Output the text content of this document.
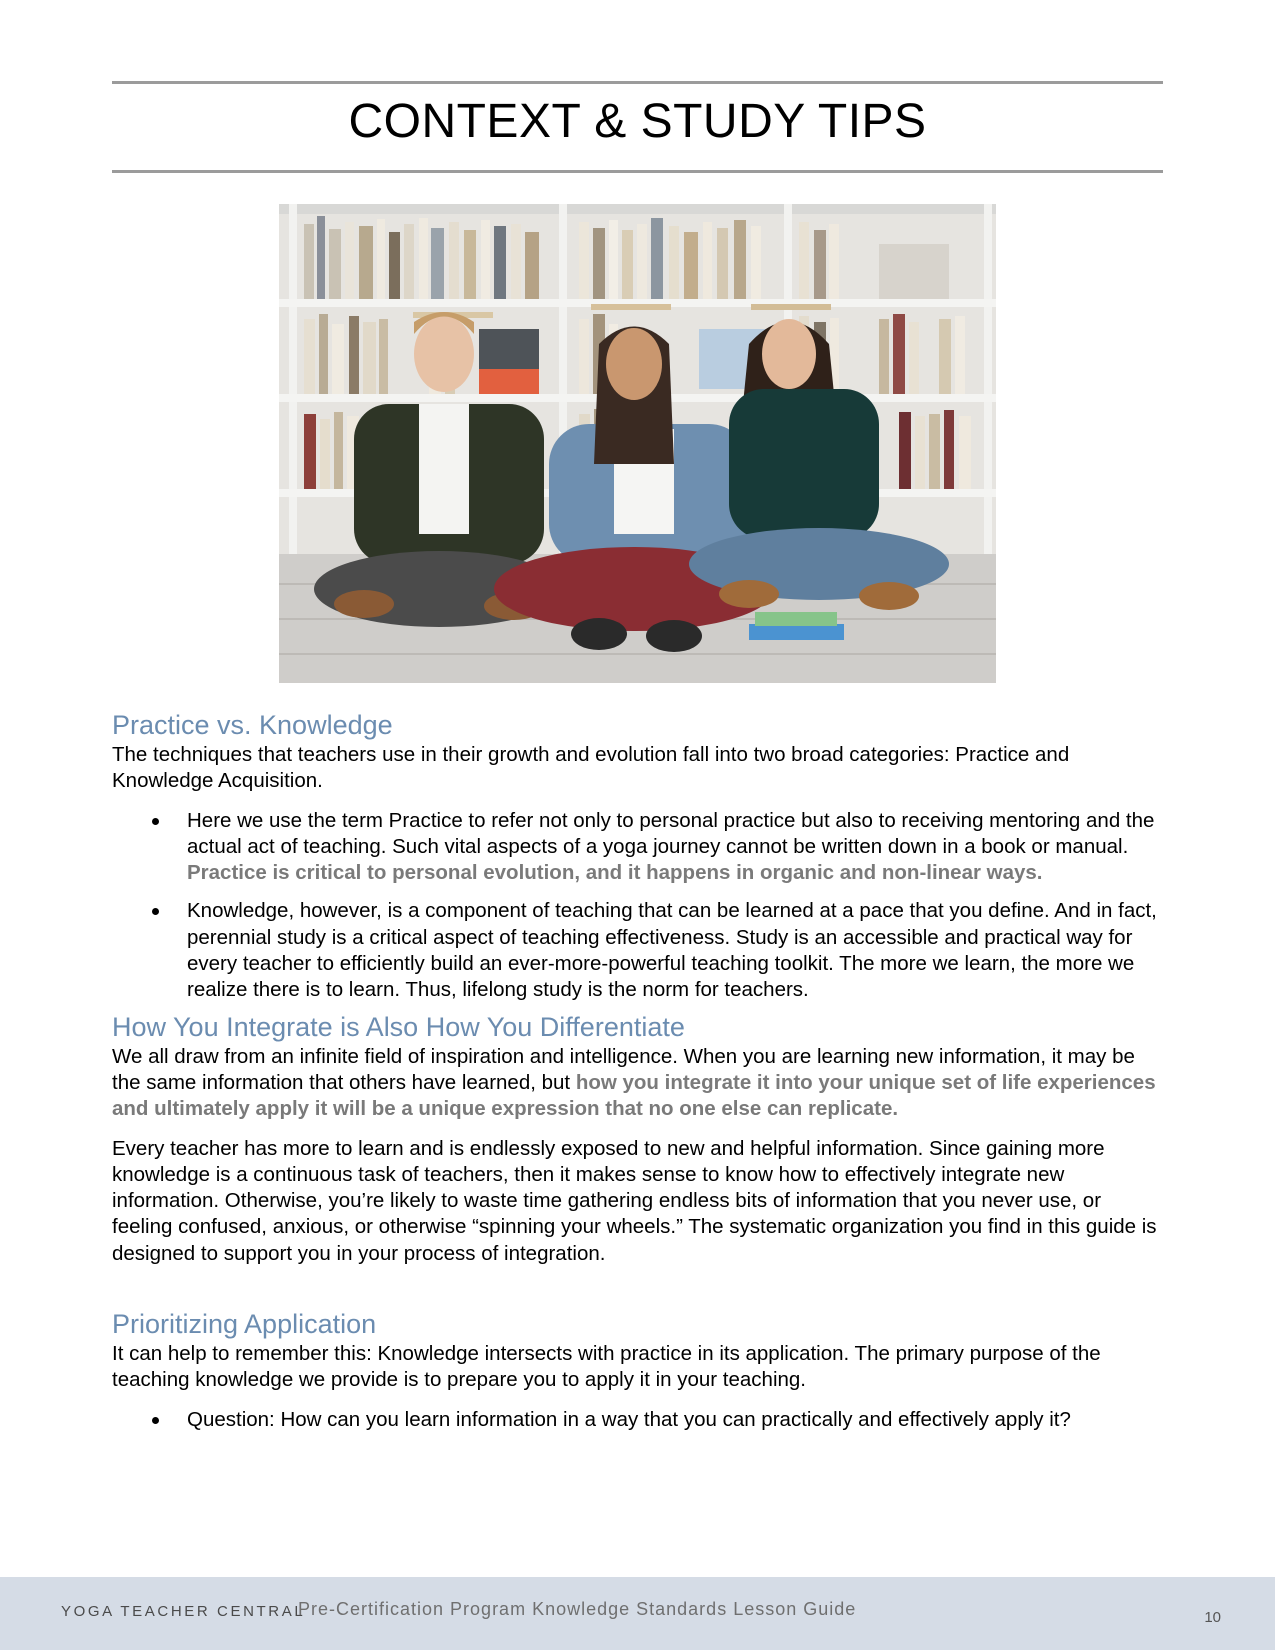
CONTEXT & STUDY TIPS
Practice vs. Knowledge

The techniques that teachers use in their growth and evolution fall into two broad categories: Practice and Knowledge Acquisition.

Here we use the term Practice to refer not only to personal practice but also to receiving mentoring and the actual act of teaching. Such vital aspects of a yoga journey cannot be written down in a book or manual. Practice is critical to personal evolution, and it happens in organic and non-linear ways.
Knowledge, however, is a component of teaching that can be learned at a pace that you define. And in fact, perennial study is a critical aspect of teaching effectiveness. Study is an accessible and practical way for every teacher to efficiently build an ever-more-powerful teaching toolkit. The more we learn, the more we realize there is to learn. Thus, lifelong study is the norm for teachers.
How You Integrate is Also How You Differentiate

We all draw from an infinite field of inspiration and intelligence. When you are learning new information, it may be the same information that others have learned, but how you integrate it into your unique set of life experiences and ultimately apply it will be a unique expression that no one else can replicate.

Every teacher has more to learn and is endlessly exposed to new and helpful information. Since gaining more knowledge is a continuous task of teachers, then it makes sense to know how to effectively integrate new information. Otherwise, you’re likely to waste time gathering endless bits of information that you never use, or feeling confused, anxious, or otherwise “spinning your wheels.” The systematic organization you find in this guide is designed to support you in your process of integration.

Prioritizing Application

It can help to remember this: Knowledge intersects with practice in its application. The primary purpose of the teaching knowledge we provide is to prepare you to apply it in your teaching.

Question: How can you learn information in a way that you can practically and effectively apply it?
YOGA TEACHER CENTRAL
Pre-Certification Program Knowledge Standards Lesson Guide	10
